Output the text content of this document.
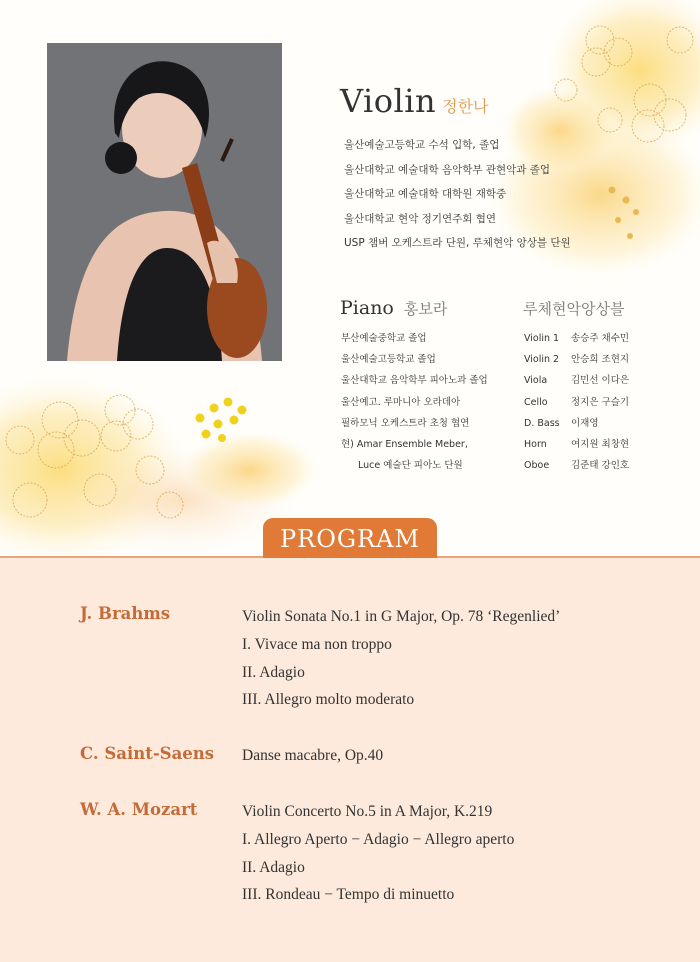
Violin 정한나
울산예술고등학교 수석 입학, 졸업
울산대학교 예술대학 음악학부 관현악과 졸업
울산대학교 예술대학 대학원 재학중
울산대학교 현악 정기연주회 협연
USP 챔버 오케스트라 단원, 루체현악 앙상블 단원
Piano 홍보라
부산예술중학교 졸업
울산예술고등학교 졸업
울산대학교 음악학부 피아노과 졸업
울산예고. 루마니아 오라데아
필하모닉 오케스트라 초청 협연
현) Amar Ensemble Meber,
Luce 예술단 피아노 단원
루체현악앙상블
Violin 1 송승주 채수민
Violin 2 안승희 조현지
Viola	김민선 이다은
Cello 정지은 구슬기
D. Bass 이재영
Horn	여지원 최창현
Oboe 김준태 강인호
PROGRAM
J. Brahms	Violin Sonata No.1 in G Major, Op. 78 ‘Regenlied’
I. Vivace ma non troppo
II. Adagio
III. Allegro molto moderato
C. Saint-Saens Danse macabre, Op.40
W. A. Mozart	Violin Concerto No.5 in A Major, K.219
I. Allegro Aperto − Adagio − Allegro aperto
II. Adagio
III. Rondeau − Tempo di minuetto
